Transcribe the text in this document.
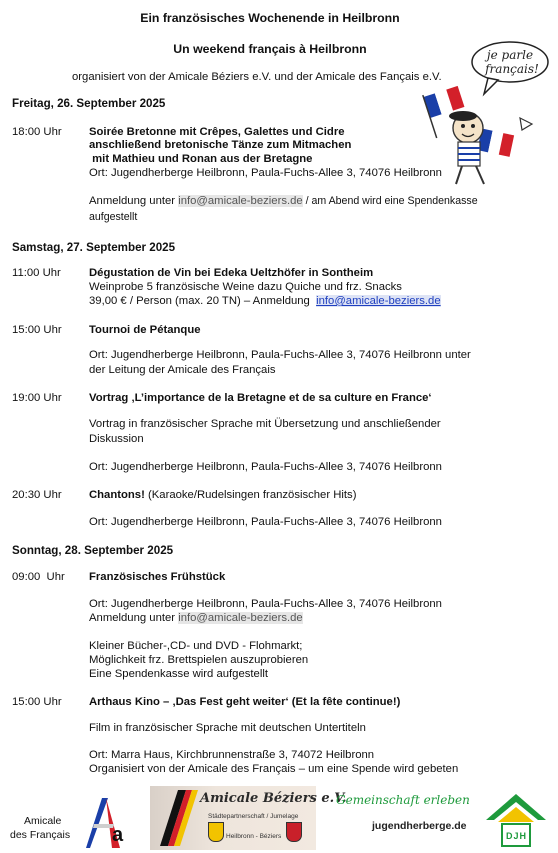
Ein französisches Wochenende in Heilbronn
Un weekend français à Heilbronn
organisiert von der Amicale Béziers e.V. und der Amicale des Fançais e.V.
je parle
français!
Freitag, 26. September 2025
18:00 Uhr Soirée Bretonne mit Crêpes, Galettes und Cidre
anschließend bretonische Tänze zum Mitmachen
mit Mathieu und Ronan aus der Bretagne
Ort: Jugendherberge Heilbronn, Paula-Fuchs-Allee 3, 74076 Heilbronn
Anmeldung unter info@amicale-beziers.de / am Abend wird eine Spendenkasse
aufgestellt
Samstag, 27. September 2025
11:00 Uhr Dégustation de Vin bei Edeka Ueltzhöfer in Sontheim
Weinprobe 5 französische Weine dazu Quiche und frz. Snacks
39,00 € / Person (max. 20 TN) – Anmeldung  info@amicale-beziers.de
15:00 Uhr Tournoi de Pétanque
Ort: Jugendherberge Heilbronn, Paula-Fuchs-Allee 3, 74076 Heilbronn unter
der Leitung der Amicale des Français
19:00 Uhr Vortrag ‚L’importance de la Bretagne et de sa culture en France‘
Vortrag in französischer Sprache mit Übersetzung und anschließender
Diskussion
Ort: Jugendherberge Heilbronn, Paula-Fuchs-Allee 3, 74076 Heilbronn
20:30 Uhr Chantons! (Karaoke/Rudelsingen französischer Hits)
Ort: Jugendherberge Heilbronn, Paula-Fuchs-Allee 3, 74076 Heilbronn
Sonntag, 28. September 2025
09:00  Uhr Französisches Frühstück
Ort: Jugendherberge Heilbronn, Paula-Fuchs-Allee 3, 74076 Heilbronn
Anmeldung unter info@amicale-beziers.de
Kleiner Bücher-,CD- und DVD - Flohmarkt;
Möglichkeit frz. Brettspielen auszuprobieren
Eine Spendenkasse wird aufgestellt
15:00 Uhr Arthaus Kino – ‚Das Fest geht weiter‘ (Et la fête continue!)
Film in französischer Sprache mit deutschen Untertiteln
Ort: Marra Haus, Kirchbrunnenstraße 3, 74072 Heilbronn
Organisiert von der Amicale des Français – um eine Spende wird gebeten
Amicale
des Français a
Amicale Béziers e.V.
Städtepartnerschaft / Jumelage
Heilbronn - Béziers
Gemeinschaft erleben
jugendherberge.de
DJH
